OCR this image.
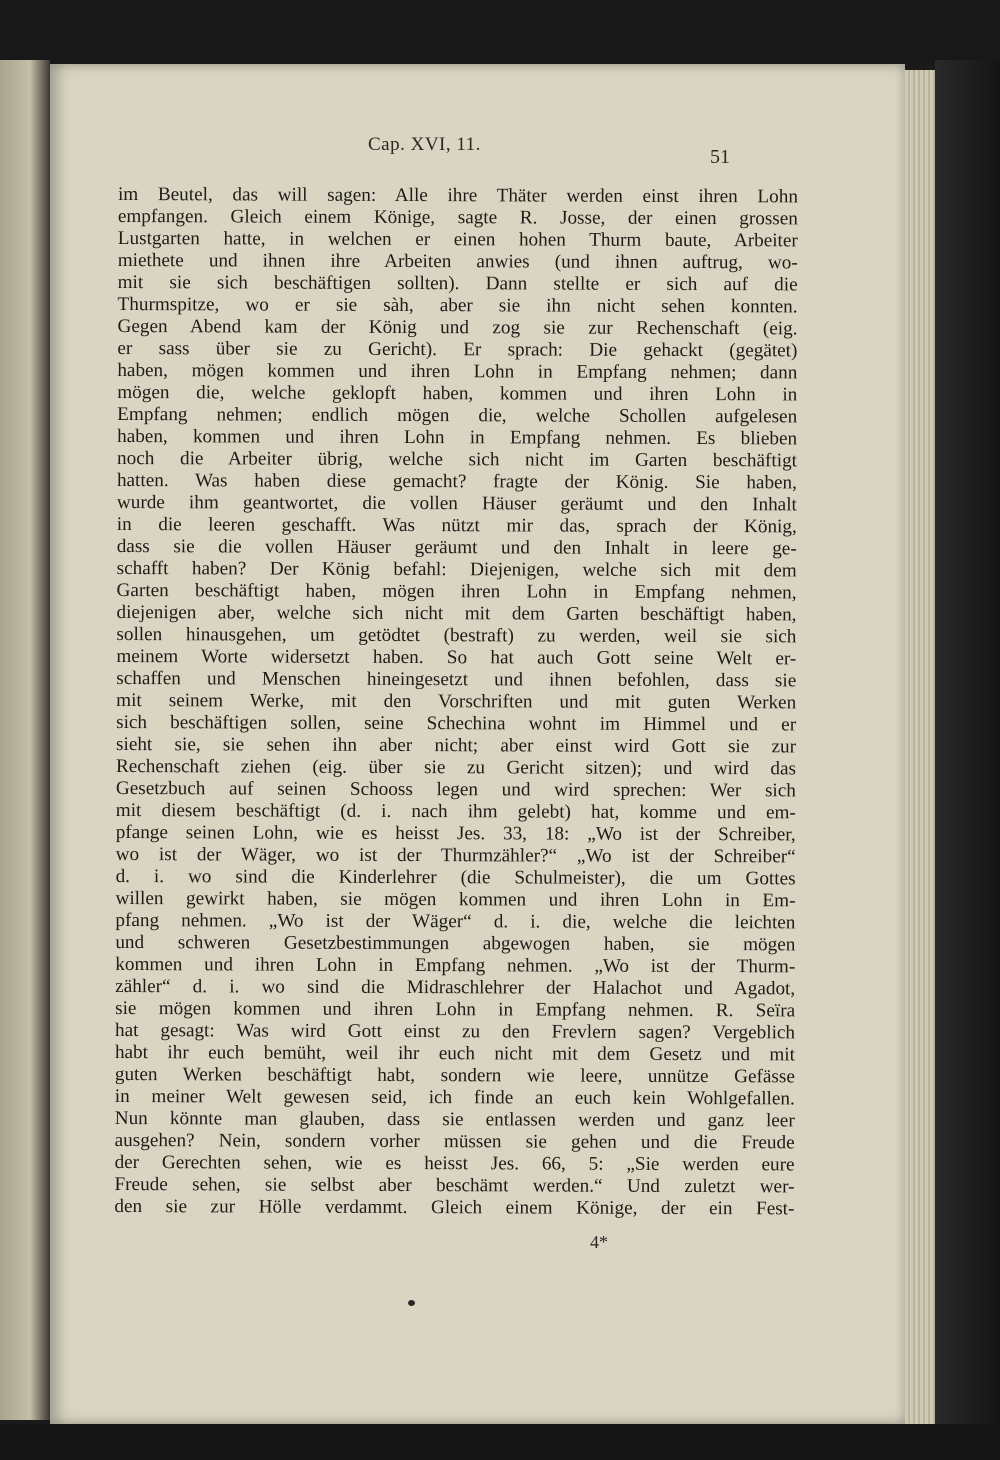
Cap. XVI, 11.
51
im Beutel, das will sagen: Alle ihre Thäter werden einst ihren Lohn
empfangen. Gleich einem Könige, sagte R. Josse, der einen grossen
Lustgarten hatte, in welchen er einen hohen Thurm baute, Arbeiter
miethete und ihnen ihre Arbeiten anwies (und ihnen auftrug, wo-
mit sie sich beschäftigen sollten). Dann stellte er sich auf die
Thurmspitze, wo er sie sàh, aber sie ihn nicht sehen konnten.
Gegen Abend kam der König und zog sie zur Rechenschaft (eig.
er sass über sie zu Gericht). Er sprach: Die gehackt (gegätet)
haben, mögen kommen und ihren Lohn in Empfang nehmen; dann
mögen die, welche geklopft haben, kommen und ihren Lohn in
Empfang nehmen; endlich mögen die, welche Schollen aufgelesen
haben, kommen und ihren Lohn in Empfang nehmen. Es blieben
noch die Arbeiter übrig, welche sich nicht im Garten beschäftigt
hatten. Was haben diese gemacht? fragte der König. Sie haben,
wurde ihm geantwortet, die vollen Häuser geräumt und den Inhalt
in die leeren geschafft. Was nützt mir das, sprach der König,
dass sie die vollen Häuser geräumt und den Inhalt in leere ge-
schafft haben? Der König befahl: Diejenigen, welche sich mit dem
Garten beschäftigt haben, mögen ihren Lohn in Empfang nehmen,
diejenigen aber, welche sich nicht mit dem Garten beschäftigt haben,
sollen hinausgehen, um getödtet (bestraft) zu werden, weil sie sich
meinem Worte widersetzt haben. So hat auch Gott seine Welt er-
schaffen und Menschen hineingesetzt und ihnen befohlen, dass sie
mit seinem Werke, mit den Vorschriften und mit guten Werken
sich beschäftigen sollen, seine Schechina wohnt im Himmel und er
sieht sie, sie sehen ihn aber nicht; aber einst wird Gott sie zur
Rechenschaft ziehen (eig. über sie zu Gericht sitzen); und wird das
Gesetzbuch auf seinen Schooss legen und wird sprechen: Wer sich
mit diesem beschäftigt (d. i. nach ihm gelebt) hat, komme und em-
pfange seinen Lohn, wie es heisst Jes. 33, 18: „Wo ist der Schreiber,
wo ist der Wäger, wo ist der Thurmzähler?“ „Wo ist der Schreiber“
d. i. wo sind die Kinderlehrer (die Schulmeister), die um Gottes
willen gewirkt haben, sie mögen kommen und ihren Lohn in Em-
pfang nehmen. „Wo ist der Wäger“ d. i. die, welche die leichten
und schweren Gesetzbestimmungen abgewogen haben, sie mögen
kommen und ihren Lohn in Empfang nehmen. „Wo ist der Thurm-
zähler“ d. i. wo sind die Midraschlehrer der Halachot und Agadot,
sie mögen kommen und ihren Lohn in Empfang nehmen. R. Seïra
hat gesagt: Was wird Gott einst zu den Frevlern sagen? Vergeblich
habt ihr euch bemüht, weil ihr euch nicht mit dem Gesetz und mit
guten Werken beschäftigt habt, sondern wie leere, unnütze Gefässe
in meiner Welt gewesen seid, ich finde an euch kein Wohlgefallen.
Nun könnte man glauben, dass sie entlassen werden und ganz leer
ausgehen? Nein, sondern vorher müssen sie gehen und die Freude
der Gerechten sehen, wie es heisst Jes. 66, 5: „Sie werden eure
Freude sehen, sie selbst aber beschämt werden.“ Und zuletzt wer-
den sie zur Hölle verdammt. Gleich einem Könige, der ein Fest-
4*
